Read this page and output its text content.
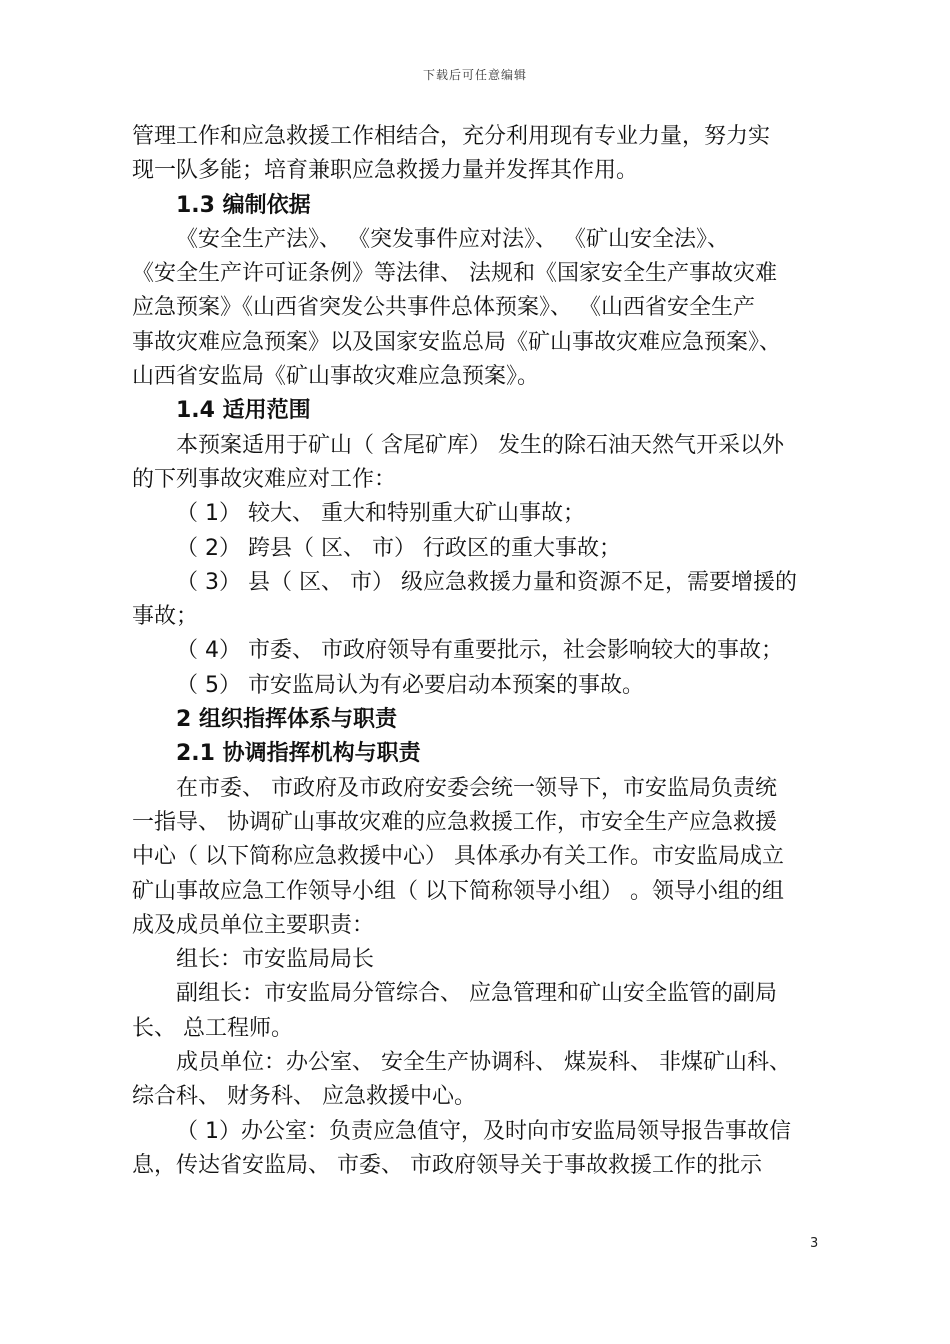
下载后可任意编辑

管理工作和应急救援工作相结合，充分利用现有专业力量，努力实

现一队多能；培育兼职应急救援力量并发挥其作用。

1.3 编制依据

《安全生产法》、 《突发事件应对法》、 《矿山安全法》、

《安全生产许可证条例》等法律、 法规和《国家安全生产事故灾难

应急预案》《山西省突发公共事件总体预案》、 《山西省安全生产

事故灾难应急预案》以及国家安监总局《矿山事故灾难应急预案》、

山西省安监局《矿山事故灾难应急预案》。

1.4 适用范围

本预案适用于矿山（ 含尾矿库） 发生的除石油天然气开采以外

的下列事故灾难应对工作：

（ 1） 较大、 重大和特别重大矿山事故；

（ 2） 跨县（ 区、 市） 行政区的重大事故；

（ 3） 县（ 区、 市） 级应急救援力量和资源不足，需要增援的

事故；

（ 4） 市委、 市政府领导有重要批示，社会影响较大的事故；

（ 5） 市安监局认为有必要启动本预案的事故。

2 组织指挥体系与职责

2.1 协调指挥机构与职责

在市委、 市政府及市政府安委会统一领导下，市安监局负责统

一指导、 协调矿山事故灾难的应急救援工作，市安全生产应急救援

中心（ 以下简称应急救援中心） 具体承办有关工作。市安监局成立

矿山事故应急工作领导小组（ 以下简称领导小组） 。领导小组的组

成及成员单位主要职责：

组长：市安监局局长

副组长：市安监局分管综合、 应急管理和矿山安全监管的副局

长、 总工程师。

成员单位：办公室、 安全生产协调科、 煤炭科、 非煤矿山科、

综合科、 财务科、 应急救援中心。

（ 1）办公室：负责应急值守，及时向市安监局领导报告事故信

息，传达省安监局、 市委、 市政府领导关于事故救援工作的批示

3
